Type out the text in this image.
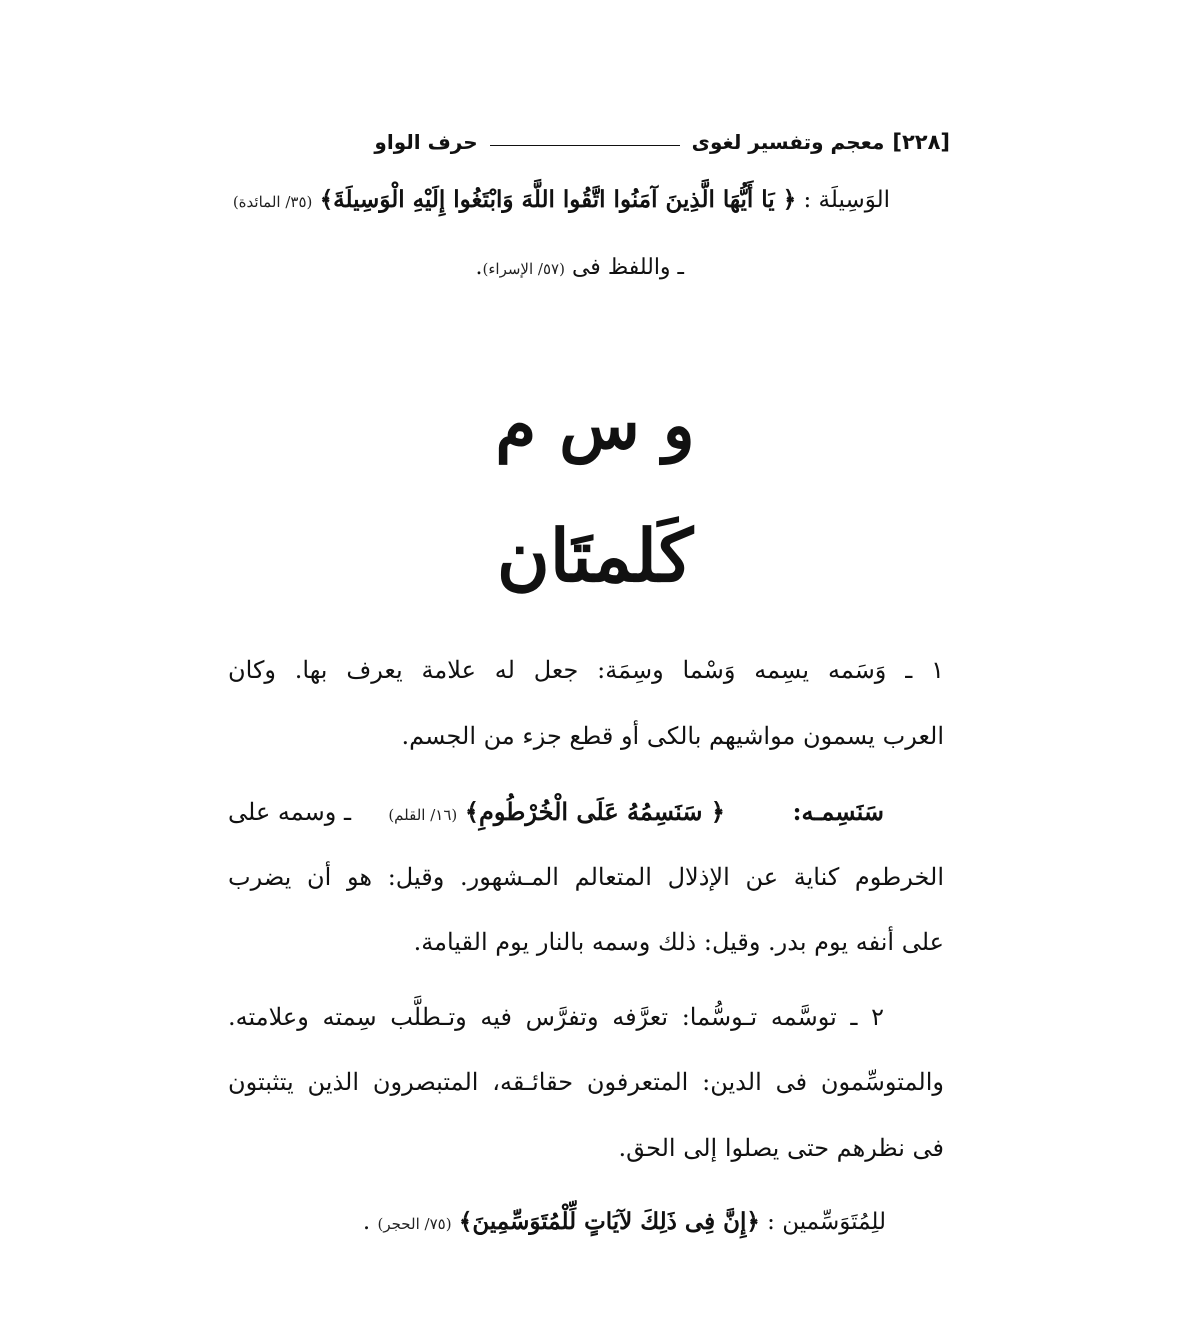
[٢٢٨]
معجم وتفسير لغوى
حرف الواو
الوَسِيلَة : ﴿ يَا أَيُّهَا الَّذِينَ آمَنُوا اتَّقُوا اللَّهَ وَابْتَغُوا إِلَيْهِ الْوَسِيلَةَ﴾ (٣٥/ المائدة)
ـ واللفظ فى (٥٧/ الإسراء).
و س م
كَلمتَان
١ ـ وَسَمه يسِمه وَسْما وسِمَة: جعل له علامة يعرف بها. وكان
العرب يسمون مواشيهم بالكى أو قطع جزء من الجسم.
سَنَسِمـه: ﴿ سَنَسِمُهُ عَلَى الْخُرْطُومِ﴾ (١٦/ القلم)
ـ وسمه على
الخرطوم كناية عن الإذلال المتعالم المـشهور. وقيل: هو أن يضرب
على أنفه يوم بدر. وقيل: ذلك وسمه بالنار يوم القيامة.
٢ ـ توسَّمه تـوسُّما: تعرَّفه وتفرَّس فيه وتـطلَّب سِمته وعلامته.
والمتوسِّمون فى الدين: المتعرفون حقائـقه، المتبصرون الذين يتثبتون
فى نظرهم حتى يصلوا إلى الحق.
للِمُتَوَسِّمين : ﴿إِنَّ فِى ذَلِكَ لآيَاتٍ لِّلْمُتَوَسِّمِينَ﴾ (٧٥/ الحجر) .
